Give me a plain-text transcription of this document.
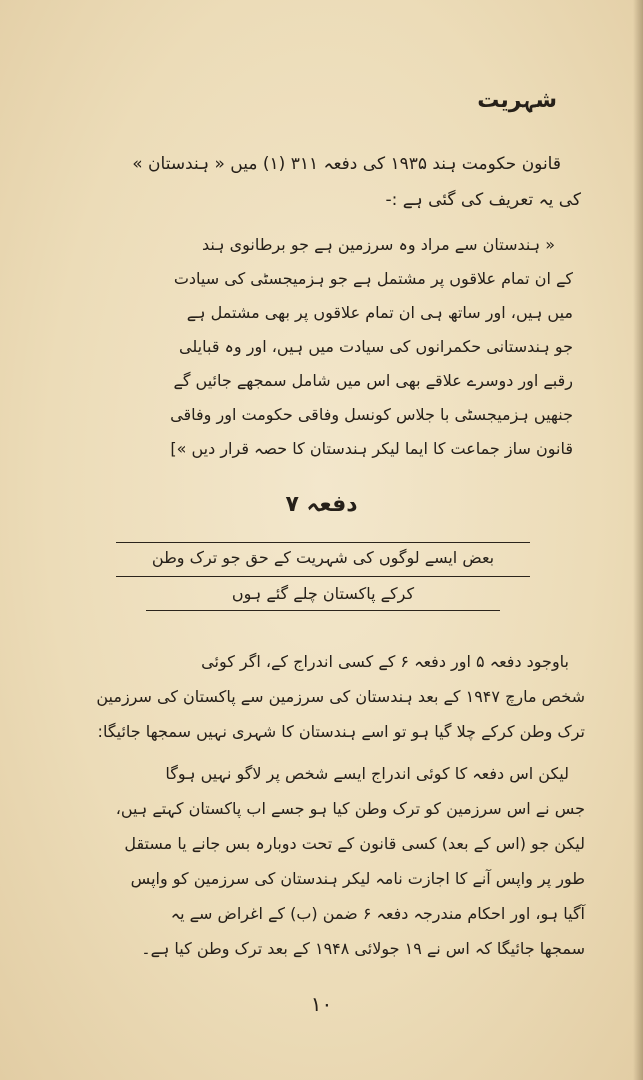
شہریت

قانون حکومت ہند ۱۹۳۵ کی دفعہ ۳۱۱ (۱) میں « ہندستان »

کی یہ تعریف کی گئی ہے :-

« ہندستان سے مراد وہ سرزمین ہے جو برطانوی ہند

کے ان تمام علاقوں پر مشتمل ہے جو ہزمیجسٹی کی سیادت

میں ہیں، اور ساتھ ہی ان تمام علاقوں پر بھی مشتمل ہے

جو ہندستانی حکمرانوں کی سیادت میں ہیں، اور وہ قبایلی

رقبے اور دوسرے علاقے بھی اس میں شامل سمجھے جائیں گے

جنھیں ہزمیجسٹی با جلاس کونسل وفاقی حکومت اور وفاقی

قانون ساز جماعت کا ایما لیکر ہندستان کا حصہ قرار دیں »]

دفعہ ۷
بعض ایسے لوگوں کی شہریت کے حق جو ترک وطن
کرکے پاکستان چلے گئے ہوں

باوجود دفعہ ۵ اور دفعہ ۶ کے کسی اندراج کے، اگر کوئی

شخص مارچ ۱۹۴۷ کے بعد ہندستان کی سرزمین سے پاکستان کی سرزمین

ترک وطن کرکے چلا گیا ہو تو اسے ہندستان کا شہری نہیں سمجھا جائیگا:

لیکن اس دفعہ کا کوئی اندراج ایسے شخص پر لاگو نہیں ہوگا

جس نے اس سرزمین کو ترک وطن کیا ہو جسے اب پاکستان کہتے ہیں،

لیکن جو (اس کے بعد) کسی قانون کے تحت دوبارہ بس جانے یا مستقل

طور پر واپس آنے کا اجازت نامہ لیکر ہندستان کی سرزمین کو واپس

آگیا ہو، اور احکام مندرجہ دفعہ ۶ ضمن (ب) کے اغراض سے یہ

سمجھا جائیگا کہ اس نے ۱۹ جولائی ۱۹۴۸ کے بعد ترک وطن کیا ہے۔

۱۰
